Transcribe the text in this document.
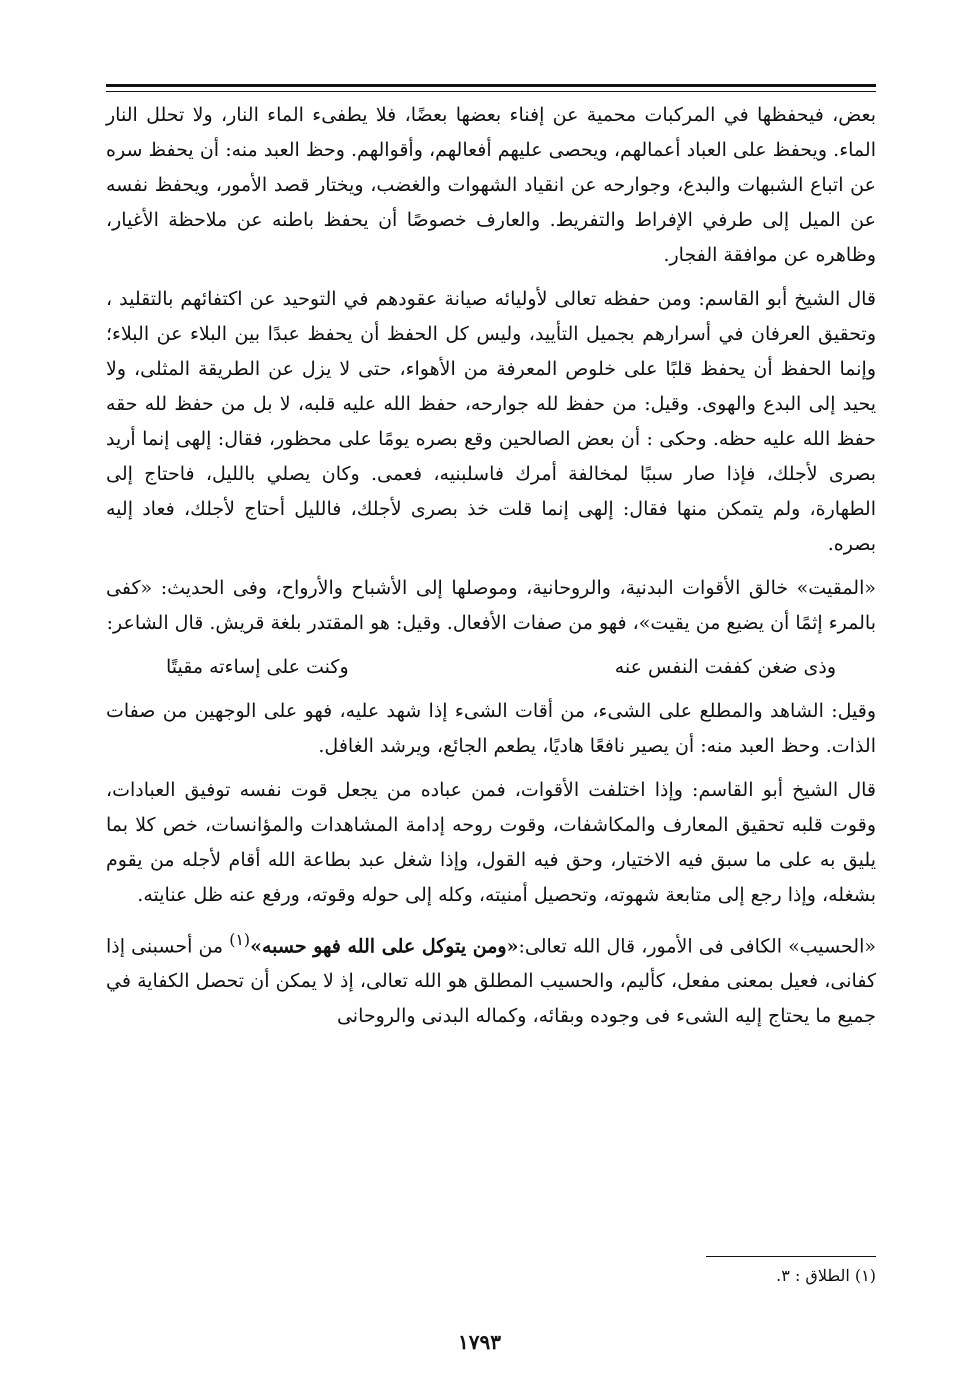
بعض، فيحفظها في المركبات محمية عن إفناء بعضها بعضًا، فلا يطفىء الماء النار، ولا تحلل النار الماء. ويحفظ على العباد أعمالهم، ويحصى عليهم أفعالهم، وأقوالهم. وحظ العبد منه: أن يحفظ سره عن اتباع الشبهات والبدع، وجوارحه عن انقياد الشهوات والغضب، ويختار قصد الأمور، ويحفظ نفسه عن الميل إلى طرفي الإفراط والتفريط. والعارف خصوصًا أن يحفظ باطنه عن ملاحظة الأغيار، وظاهره عن موافقة الفجار.

قال الشيخ أبو القاسم: ومن حفظه تعالى لأوليائه صيانة عقودهم في التوحيد عن اكتفائهم بالتقليد ، وتحقيق العرفان في أسرارهم بجميل التأييد، وليس كل الحفظ أن يحفظ عبدًا بين البلاء عن البلاء؛ وإنما الحفظ أن يحفظ قلبًا على خلوص المعرفة من الأهواء، حتى لا يزل عن الطريقة المثلى، ولا يحيد إلى البدع والهوى. وقيل: من حفظ لله جوارحه، حفظ الله عليه قلبه، لا بل من حفظ لله حقه حفظ الله عليه حظه. وحكى : أن بعض الصالحين وقع بصره يومًا على محظور، فقال: إلهى إنما أريد بصرى لأجلك، فإذا صار سببًا لمخالفة أمرك فاسلبنيه، فعمى. وكان يصلي بالليل، فاحتاج إلى الطهارة، ولم يتمكن منها فقال: إلهى إنما قلت خذ بصرى لأجلك، فالليل أحتاج لأجلك، فعاد إليه بصره.

«المقيت» خالق الأقوات البدنية، والروحانية، وموصلها إلى الأشباح والأرواح، وفى الحديث: «كفى بالمرء إثمًا أن يضيع من يقيت»، فهو من صفات الأفعال. وقيل: هو المقتدر بلغة قريش. قال الشاعر:

وذى ضغن كففت النفس عنه
وكنت على إساءته مقيتًا

وقيل: الشاهد والمطلع على الشىء، من أقات الشىء إذا شهد عليه، فهو على الوجهين من صفات الذات. وحظ العبد منه: أن يصير نافعًا هاديًا، يطعم الجائع، ويرشد الغافل.

قال الشيخ أبو القاسم: وإذا اختلفت الأقوات، فمن عباده من يجعل قوت نفسه توفيق العبادات، وقوت قلبه تحقيق المعارف والمكاشفات، وقوت روحه إدامة المشاهدات والمؤانسات، خص كلا بما يليق به على ما سبق فيه الاختيار، وحق فيه القول، وإذا شغل عبد بطاعة الله أقام لأجله من يقوم بشغله، وإذا رجع إلى متابعة شهوته، وتحصيل أمنيته، وكله إلى حوله وقوته، ورفع عنه ظل عنايته.

«الحسيب» الكافى فى الأمور، قال الله تعالى:«ومن يتوكل على الله فهو حسبه»$^{(١)}$ من أحسبنى إذا كفانى، فعيل بمعنى مفعل، كأليم، والحسيب المطلق هو الله تعالى، إذ لا يمكن أن تحصل الكفاية في جميع ما يحتاج إليه الشىء فى وجوده وبقائه، وكماله البدنى والروحانى

(١) الطلاق : ٣.
١٧٩٣
